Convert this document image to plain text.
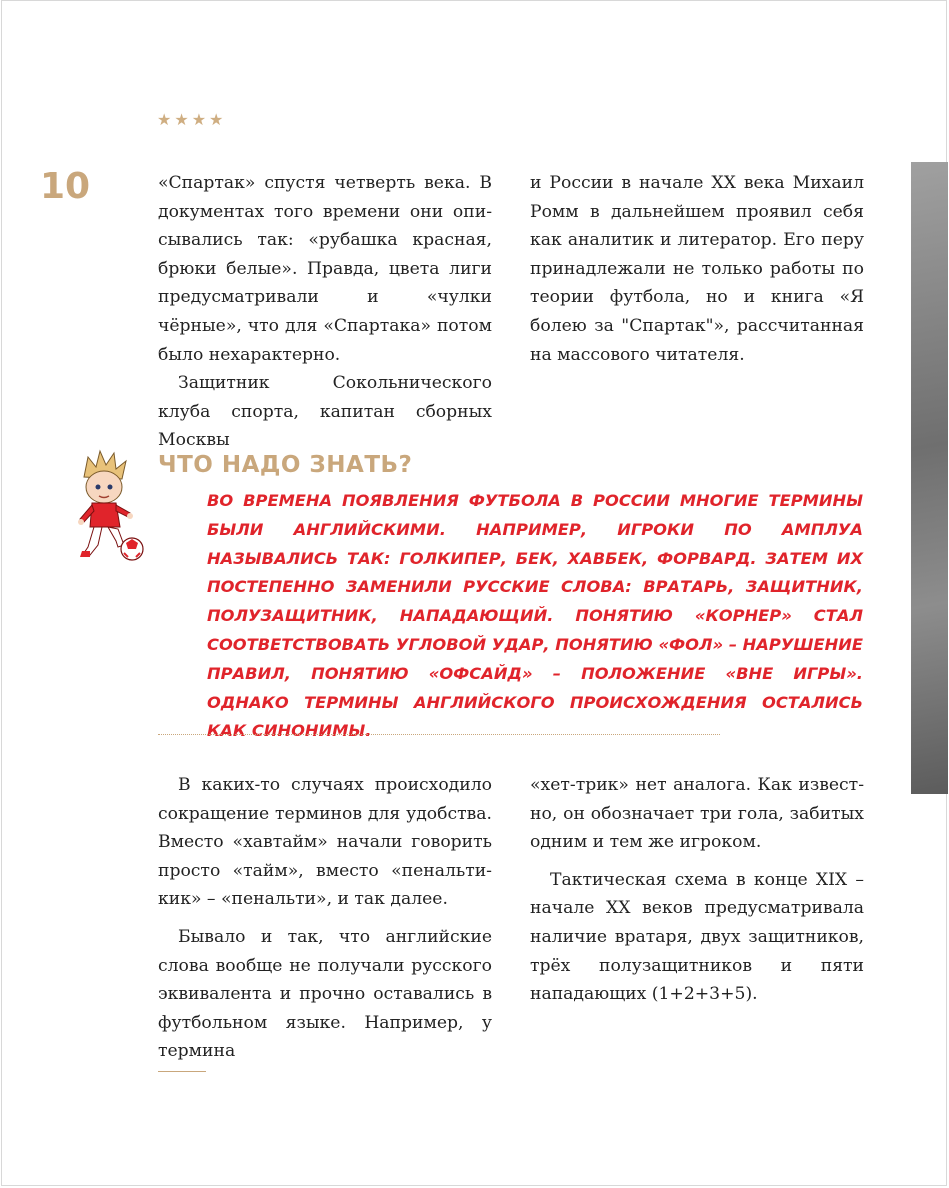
★★★★
10	«Спартак» спустя четверть века. В документах того времени они описывались так: «рубашка красная, брюки белые». Правда, цвета лиги предусматривали и «чулки чёрные», что для «Спартака» потом было нехарактерно.

Защитник Сокольнического клуба спорта, капитан сборных Москвы

и России в начале XX века Михаил Ромм в дальнейшем проявил себя как аналитик и литератор. Его перу принадлежали не только работы по теории футбола, но и книга «Я болею за "Спартак"», рассчитанная на массового читателя.

ЧТО НАДО ЗНАТЬ?

ВО ВРЕМЕНА ПОЯВЛЕНИЯ ФУТБОЛА В РОССИИ МНОГИЕ ТЕРМИНЫ БЫЛИ АНГЛИЙСКИМИ. НАПРИМЕР, ИГРОКИ ПО АМПЛУА НАЗЫВАЛИСЬ ТАК: ГОЛКИПЕР, БЕК, ХАВБЕК, ФОРВАРД. ЗАТЕМ ИХ ПОСТЕПЕННО ЗАМЕНИЛИ РУССКИЕ СЛОВА: ВРАТАРЬ, ЗАЩИТНИК, ПОЛУЗАЩИТНИК, НАПАДАЮЩИЙ. ПОНЯТИЮ «КОРНЕР» СТАЛ СООТВЕТСТВОВАТЬ УГЛОВОЙ УДАР, ПОНЯТИЮ «ФОЛ» – НАРУШЕНИЕ ПРАВИЛ, ПОНЯТИЮ «ОФСАЙД» – ПОЛОЖЕНИЕ «ВНЕ ИГРЫ». ОДНАКО ТЕРМИНЫ АНГЛИЙСКОГО ПРОИСХОЖДЕНИЯ ОСТАЛИСЬ КАК СИНОНИМЫ.

В каких-то случаях происходило сокращение терминов для удобства. Вместо «хавтайм» начали говорить просто «тайм», вместо «пенальти-кик» – «пенальти», и так далее.

Бывало и так, что английские слова вообще не получали русского эквивалента и прочно оставались в футбольном языке. Например, у термина

«хет-трик» нет аналога. Как известно, он обозначает три гола, забитых одним и тем же игроком.

Тактическая схема в конце XIX – начале XX веков предусматривала наличие вратаря, двух защитников, трёх полузащитников и пяти нападающих (1+2+3+5).
